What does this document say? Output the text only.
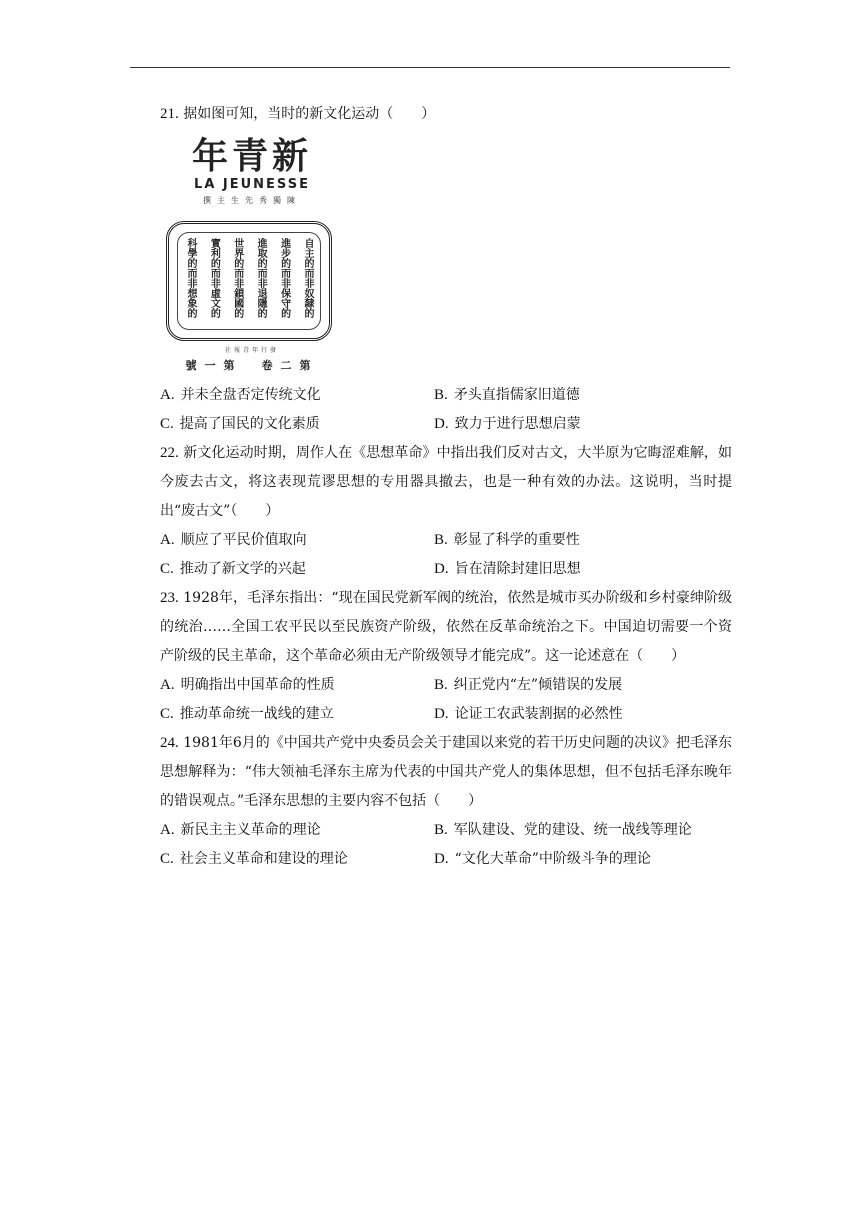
21. 据如图可知，当时的新文化运动（　　）

年青新
LA JEUNESSE
撰主生先秀獨陳
自主的而非奴隸的
進步的而非保守的
進取的而非退隱的
世界的而非鎖國的
實利的而非虛文的
科學的而非想象的
社報青年行發
號一第　卷二第
A. 并未全盘否定传统文化	B. 矛头直指儒家旧道德
C. 提高了国民的文化素质	D. 致力于进行思想启蒙

22. 新文化运动时期，周作人在《思想革命》中指出我们反对古文，大半原为它晦涩难解，如今废去古文，将这表现荒谬思想的专用器具撤去，也是一种有效的办法。这说明，当时提出“废古文”（　　）

A. 顺应了平民价值取向	B. 彰显了科学的重要性
C. 推动了新文学的兴起	D. 旨在清除封建旧思想

23. 1928年，毛泽东指出：“现在国民党新军阀的统治，依然是城市买办阶级和乡村豪绅阶级的统治……全国工农平民以至民族资产阶级，依然在反革命统治之下。中国迫切需要一个资产阶级的民主革命，这个革命必须由无产阶级领导才能完成”。这一论述意在（　　）

A. 明确指出中国革命的性质	B. 纠正党内“左”倾错误的发展
C. 推动革命统一战线的建立	D. 论证工农武装割据的必然性

24. 1981年6月的《中国共产党中央委员会关于建国以来党的若干历史问题的决议》把毛泽东思想解释为：“伟大领袖毛泽东主席为代表的中国共产党人的集体思想，但不包括毛泽东晚年的错误观点。”毛泽东思想的主要内容不包括（　　）

A. 新民主主义革命的理论	B. 军队建设、党的建设、统一战线等理论
C. 社会主义革命和建设的理论	D. “文化大革命”中阶级斗争的理论
